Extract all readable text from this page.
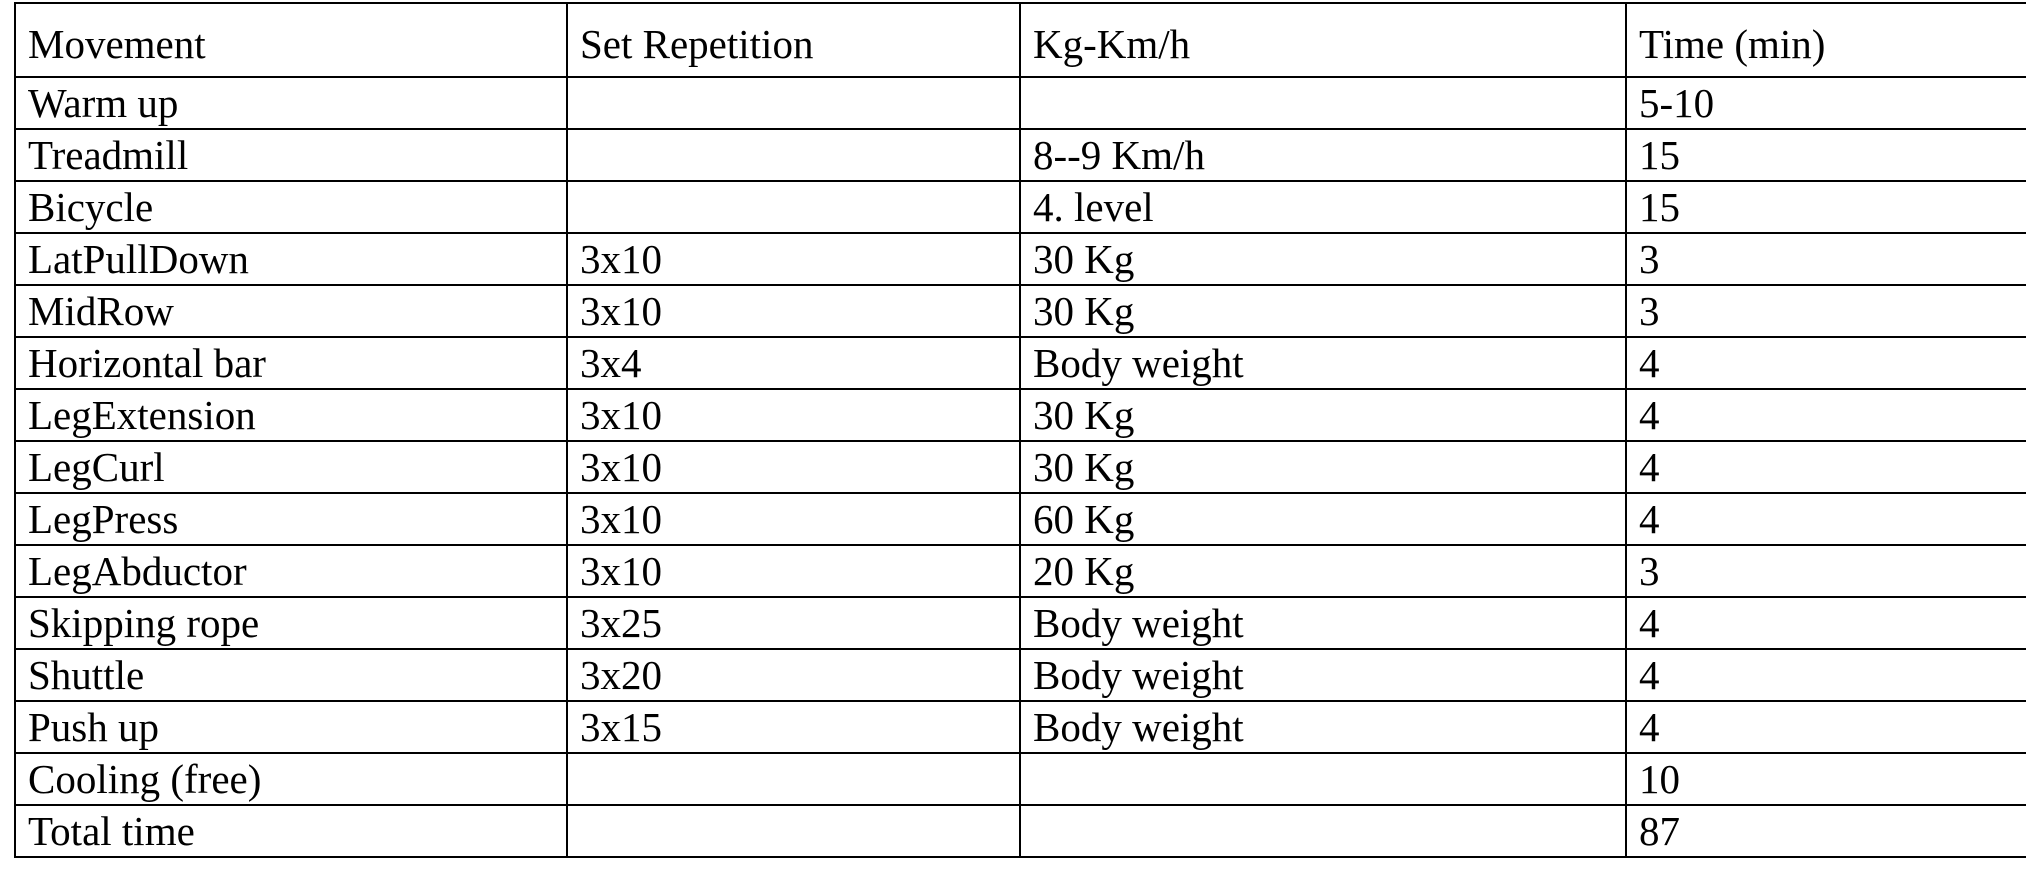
Movement	Set Repetition	Kg-Km/h	Time (min)
Warm up			5-10
Treadmill		8--9 Km/h	15
Bicycle		4. level	15
LatPullDown	3x10	30 Kg	3
MidRow	3x10	30 Kg	3
Horizontal bar	3x4	Body weight	4
LegExtension	3x10	30 Kg	4
LegCurl	3x10	30 Kg	4
LegPress	3x10	60 Kg	4
LegAbductor	3x10	20 Kg	3
Skipping rope	3x25	Body weight	4
Shuttle	3x20	Body weight	4
Push up	3x15	Body weight	4
Cooling (free)			10
Total time			87
